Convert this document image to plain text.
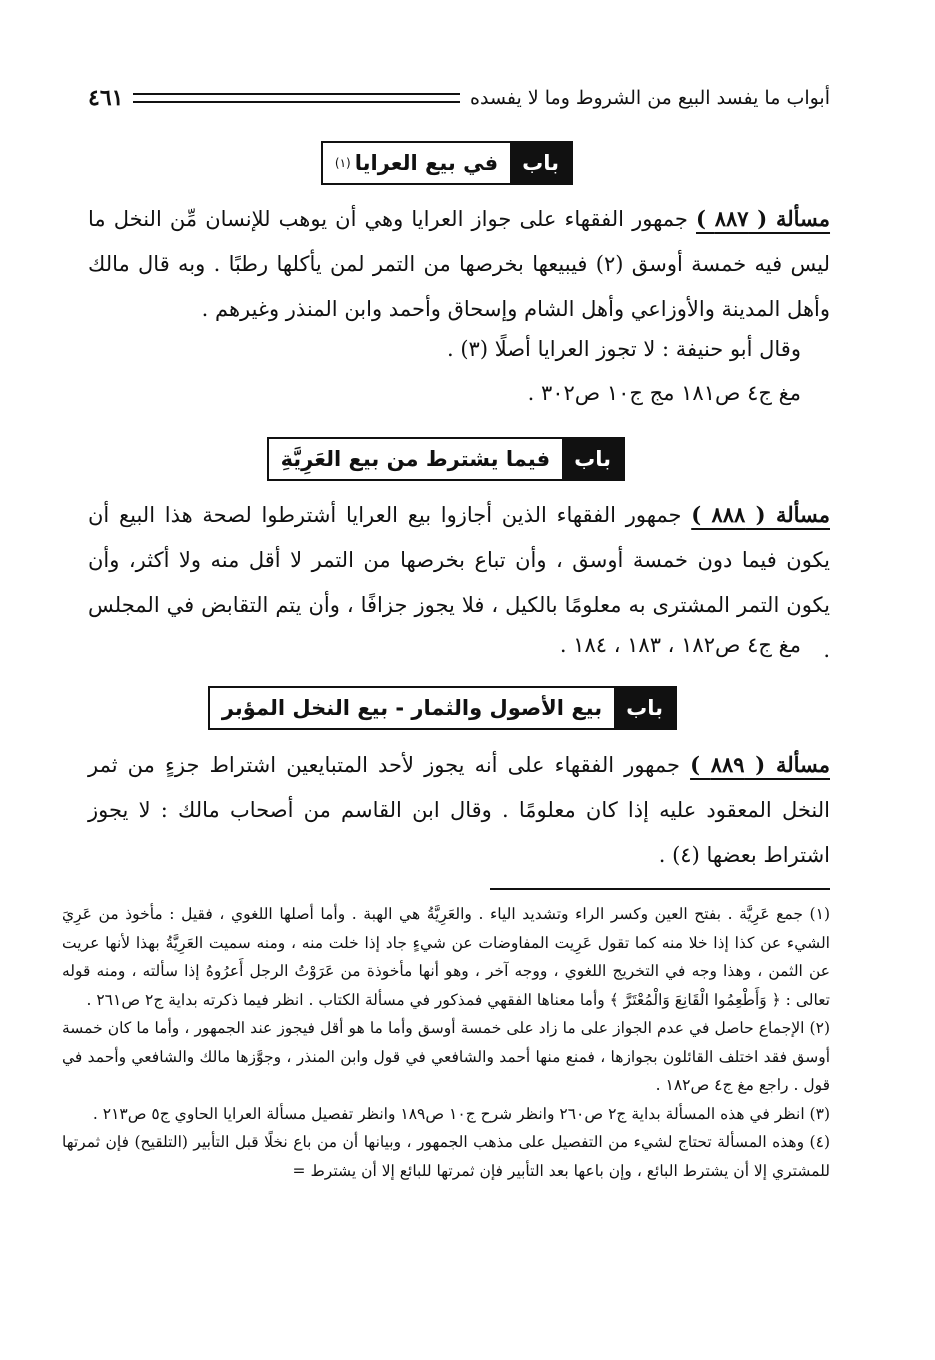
أبواب ما يفسد البيع من الشروط وما لا يفسده
٤٦١
باب
في بيع العرايا
(١)
مسألة ( ٨٨٧ ) جمهور الفقهاء على جواز العرايا وهي أن يوهب للإنسان مِّن النخل ما ليس فيه خمسة أوسق (٢) فيبيعها بخرصها من التمر لمن يأكلها رطبًا . وبه قال مالك وأهل المدينة والأوزاعي وأهل الشام وإسحاق وأحمد وابن المنذر وغيرهم .
وقال أبو حنيفة : لا تجوز العرايا أصلًا (٣) .
مغ ج٤ ص١٨١ مج ج١٠ ص٣٠٢ .
باب
فيما يشترط من بيع العَرِيَّةِ
مسألة ( ٨٨٨ ) جمهور الفقهاء الذين أجازوا بيع العرايا أشترطوا لصحة هذا البيع أن يكون فيما دون خمسة أوسق ، وأن تباع بخرصها من التمر لا أقل منه ولا أكثر، وأن يكون التمر المشترى به معلومًا بالكيل ، فلا يجوز جزافًا ، وأن يتم التقابض في المجلس .
مغ ج٤ ص١٨٢ ، ١٨٣ ، ١٨٤ .
باب
بيع الأصول والثمار - بيع النخل المؤبر
مسألة ( ٨٨٩ ) جمهور الفقهاء على أنه يجوز لأحد المتبايعين اشتراط جزءٍ من ثمر النخل المعقود عليه إذا كان معلومًا . وقال ابن القاسم من أصحاب مالك : لا يجوز اشتراط بعضها (٤) .

(١) جمع عَرِيَّة . بفتح العين وكسر الراء وتشديد الياء . والعَرِيَّةُ هي الهبة . وأما أصلها اللغوي ، فقيل : مأخوذ من عَرِيَ الشيء عن كذا إذا خلا منه كما تقول عَرِيت المفاوضات عن شيءٍ جاد إذا خلت منه ، ومنه سميت العَرِيَّةُ بهذا لأنها عريت عن الثمن ، وهذا وجه في التخريج اللغوي ، ووجه آخر ، وهو أنها مأخوذة من عَرَوْتُ الرجل أَعرُوهُ إذا سألته ، ومنه قوله تعالى : ﴿ وَأَطْعِمُوا الْقَانِعَ وَالْمُعْتَرَّ ﴾ وأما معناها الفقهي فمذكور في مسألة الكتاب . انظر فيما ذكرته بداية ج٢ ص٢٦١ .

(٢) الإجماع حاصل في عدم الجواز على ما زاد على خمسة أوسق وأما ما هو أقل فيجوز عند الجمهور ، وأما ما كان خمسة أوسق فقد اختلف القائلون بجوازها ، فمنع منها أحمد والشافعي في قول وابن المنذر ، وجوَّزها مالك والشافعي وأحمد في قول . راجع مغ ج٤ ص١٨٢ .

(٣) انظر في هذه المسألة بداية ج٢ ص٢٦٠ وانظر شرح ج١٠ ص١٨٩ وانظر تفصيل مسألة العرايا الحاوي ج٥ ص٢١٣ .

(٤) وهذه المسألة تحتاج لشيء من التفصيل على مذهب الجمهور ، وبيانها أن من باع نخلًا قبل التأبير (التلقيح) فإن ثمرتها للمشتري إلا أن يشترط البائع ، وإن باعها بعد التأبير فإن ثمرتها للبائع إلا أن يشترط =
